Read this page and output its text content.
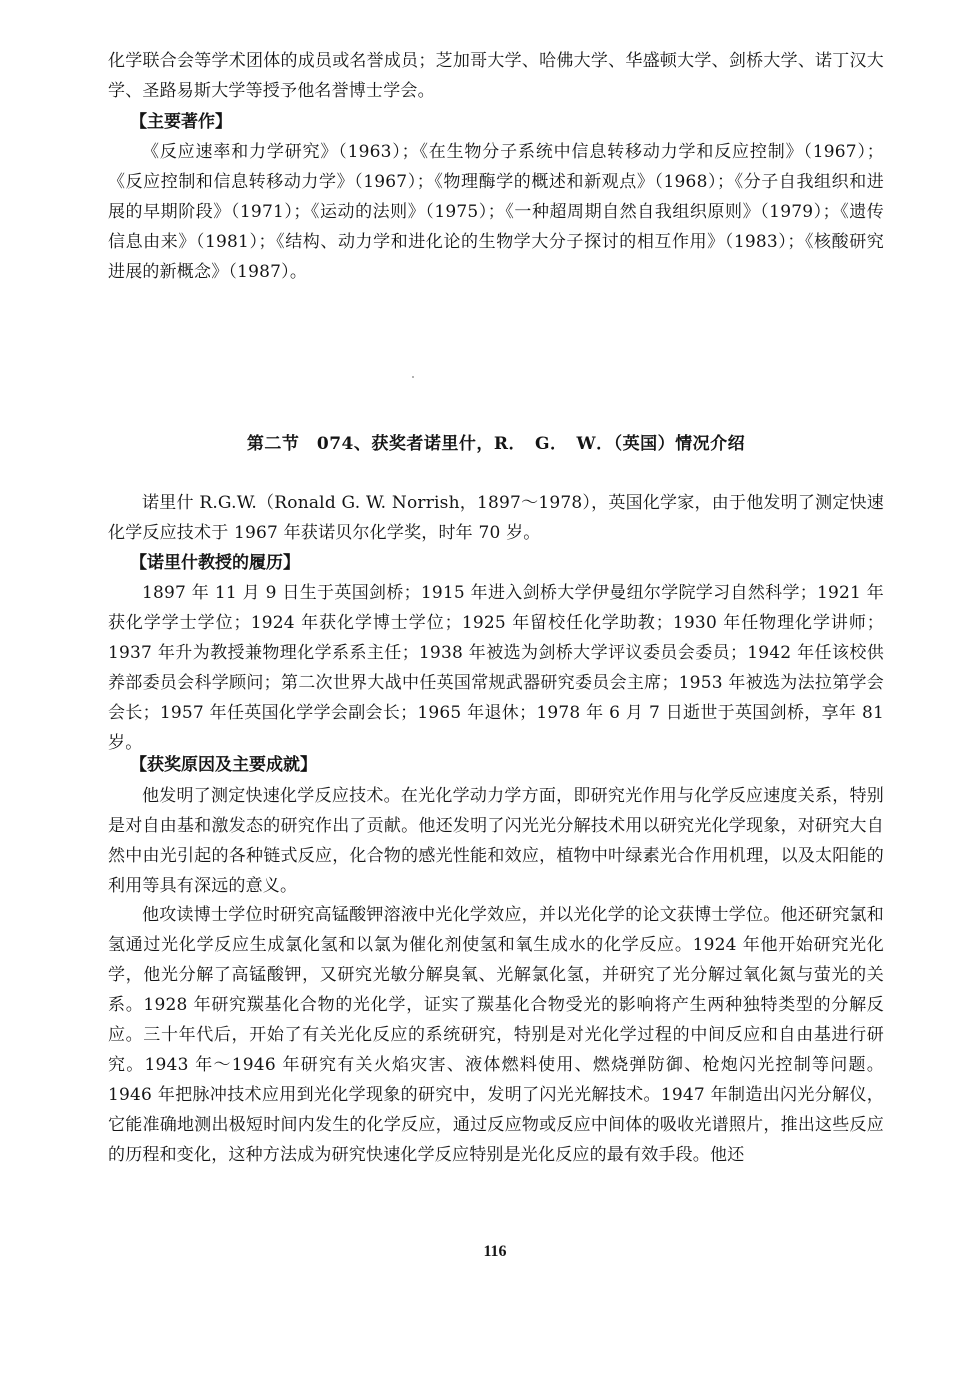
化学联合会等学术团体的成员或名誉成员；芝加哥大学、哈佛大学、华盛顿大学、剑桥大学、诺丁汉大学、圣路易斯大学等授予他名誉博士学会。

【主要著作】

《反应速率和力学研究》（1963）；《在生物分子系统中信息转移动力学和反应控制》（1967）；《反应控制和信息转移动力学》（1967）；《物理酶学的概述和新观点》（1968）；《分子自我组织和进展的早期阶段》（1971）；《运动的法则》（1975）；《一种超周期自然自我组织原则》（1979）；《遗传信息由来》（1981）；《结构、动力学和进化论的生物学大分子探讨的相互作用》（1983）；《核酸研究进展的新概念》（1987）。

第二节　074、获奖者诺里什，R．　G．　W．（英国）情况介绍

诺里什 R.G.W.（Ronald G. W. Norrish，1897～1978），英国化学家，由于他发明了测定快速化学反应技术于 1967 年获诺贝尔化学奖，时年 70 岁。

【诺里什教授的履历】

1897 年 11 月 9 日生于英国剑桥；1915 年进入剑桥大学伊曼纽尔学院学习自然科学；1921 年获化学学士学位；1924 年获化学博士学位；1925 年留校任化学助教；1930 年任物理化学讲师；1937 年升为教授兼物理化学系系主任；1938 年被选为剑桥大学评议委员会委员；1942 年任该校供养部委员会科学顾问；第二次世界大战中任英国常规武器研究委员会主席；1953 年被选为法拉第学会会长；1957 年任英国化学学会副会长；1965 年退休；1978 年 6 月 7 日逝世于英国剑桥，享年 81 岁。

【获奖原因及主要成就】

他发明了测定快速化学反应技术。在光化学动力学方面，即研究光作用与化学反应速度关系，特别是对自由基和激发态的研究作出了贡献。他还发明了闪光光分解技术用以研究光化学现象，对研究大自然中由光引起的各种链式反应，化合物的感光性能和效应，植物中叶绿素光合作用机理，以及太阳能的利用等具有深远的意义。

他攻读博士学位时研究高锰酸钾溶液中光化学效应，并以光化学的论文获博士学位。他还研究氯和氢通过光化学反应生成氯化氢和以氯为催化剂使氢和氧生成水的化学反应。1924 年他开始研究光化学，他光分解了高锰酸钾，又研究光敏分解臭氧、光解氯化氢，并研究了光分解过氧化氮与萤光的关系。1928 年研究羰基化合物的光化学，证实了羰基化合物受光的影响将产生两种独特类型的分解反应。三十年代后，开始了有关光化反应的系统研究，特别是对光化学过程的中间反应和自由基进行研究。1943 年～1946 年研究有关火焰灾害、液体燃料使用、燃烧弹防御、枪炮闪光控制等问题。1946 年把脉冲技术应用到光化学现象的研究中，发明了闪光光解技术。1947 年制造出闪光分解仪，它能准确地测出极短时间内发生的化学反应，通过反应物或反应中间体的吸收光谱照片，推出这些反应的历程和变化，这种方法成为研究快速化学反应特别是光化反应的最有效手段。他还

116
